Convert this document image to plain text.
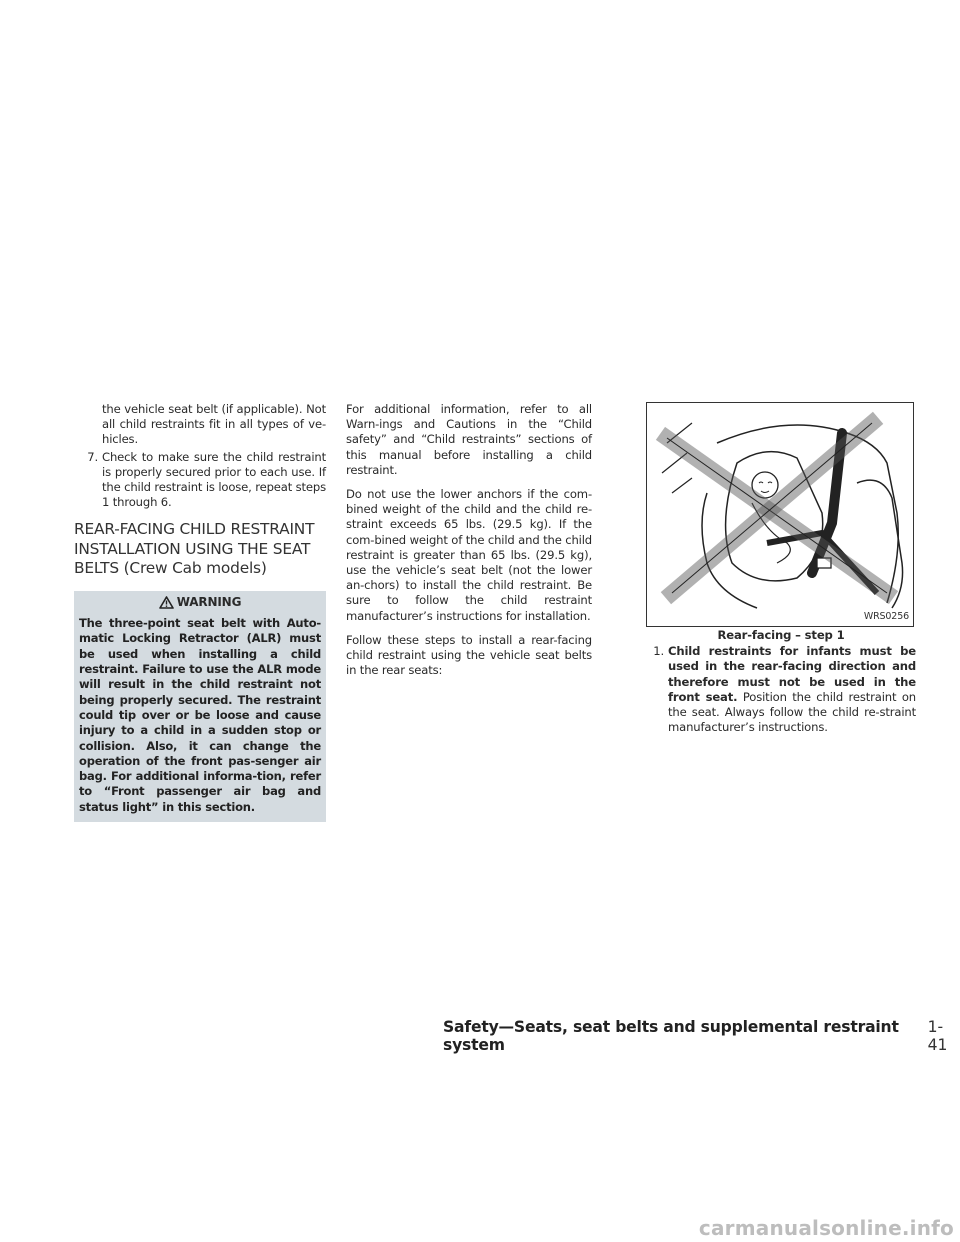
the vehicle seat belt (if applicable). Not all child restraints fit in all types of ve-hicles.

7. Check to make sure the child restraint is properly secured prior to each use. If the child restraint is loose, repeat steps 1 through 6.
REAR-FACING CHILD RESTRAINT INSTALLATION USING THE SEAT BELTS (Crew Cab models)
WARNING

The three-point seat belt with Auto-matic Locking Retractor (ALR) must be used when installing a child restraint. Failure to use the ALR mode will result in the child restraint not being properly secured. The restraint could tip over or be loose and cause injury to a child in a sudden stop or collision. Also, it can change the operation of the front pas-senger air bag. For additional informa-tion, refer to “Front passenger air bag and status light” in this section.

For additional information, refer to all Warn-ings and Cautions in the “Child safety” and “Child restraints” sections of this manual before installing a child restraint.

Do not use the lower anchors if the com-bined weight of the child and the child re-straint exceeds 65 lbs. (29.5 kg). If the com-bined weight of the child and the child restraint is greater than 65 lbs. (29.5 kg), use the vehicle’s seat belt (not the lower an-chors) to install the child restraint. Be sure to follow the child restraint manufacturer’s instructions for installation.

Follow these steps to install a rear-facing child restraint using the vehicle seat belts in the rear seats:

WRS0256
Rear-facing – step 1
1. Child restraints for infants must be used in the rear-facing direction and therefore must not be used in the front seat. Position the child restraint on the seat. Always follow the child re-straint manufacturer’s instructions.
Safety—Seats, seat belts and supplemental restraint system
1-41
carmanualsonline.info
